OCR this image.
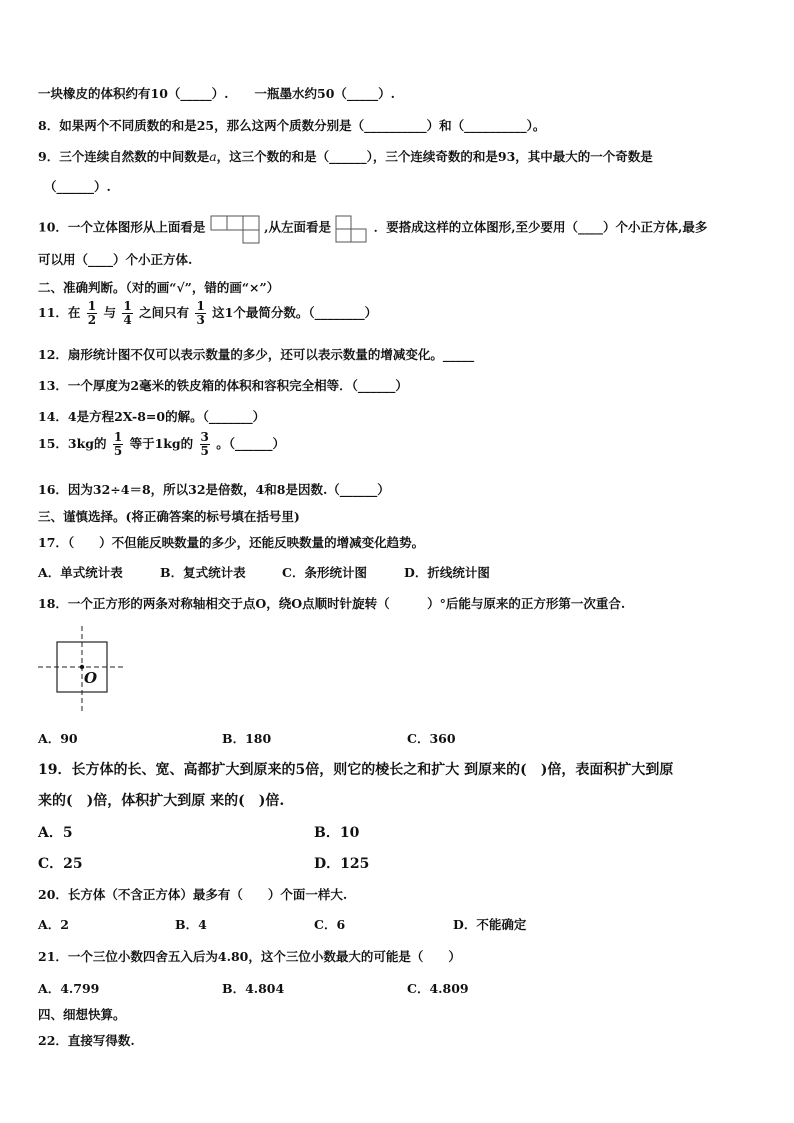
一块橡皮的体积约有10（_____）. 一瓶墨水约50（_____）.
8．如果两个不同质数的和是25，那么这两个质数分别是（__________）和（__________）。
9．三个连续自然数的中间数是a，这三个数的和是（______），三个连续奇数的和是93，其中最大的一个奇数是
（______）.
10．一个立体图形从上面看是	,从左面看是	．要搭成这样的立体图形,至少要用（____）个小正方体,最多
可以用（____）个小正方体.
二、准确判断。（对的画“√”，错的画“×”）
11．在 $\frac{1}{2}$ 与 $\frac{1}{4}$ 之间只有 $\frac{1}{3}$ 这1个最简分数。（________）
12．扇形统计图不仅可以表示数量的多少，还可以表示数量的增减变化。_____
13．一个厚度为2毫米的铁皮箱的体积和容积完全相等．（______）
14．4是方程2X-8=0的解。（_______）
15．3kg的 $\frac{1}{5}$ 等于1kg的 $\frac{3}{5}$ 。（______）
16．因为32÷4＝8，所以32是倍数，4和8是因数.（______）
三、谨慎选择。(将正确答案的标号填在括号里)
17．（　　）不但能反映数量的多少，还能反映数量的增减变化趋势。
A．单式统计表	B．复式统计表	C．条形统计图	D．折线统计图
18．一个正方形的两条对称轴相交于点O，绕O点顺时针旋转（　　　）°后能与原来的正方形第一次重合.
O
A．90	B．180	C．360
19．长方体的长、宽、高都扩大到原来的5倍，则它的棱长之和扩大 到原来的(　)倍，表面积扩大到原
来的(　)倍，体积扩大到原 来的(　)倍.
A．5	B．10
C．25	D．125
20．长方体（不含正方体）最多有（　　）个面一样大.
A．2	B．4	C．6	D．不能确定
21．一个三位小数四舍五入后为4.80，这个三位小数最大的可能是（　　）
A．4.799	B．4.804	C．4.809
四、细想快算。
22．直接写得数.
